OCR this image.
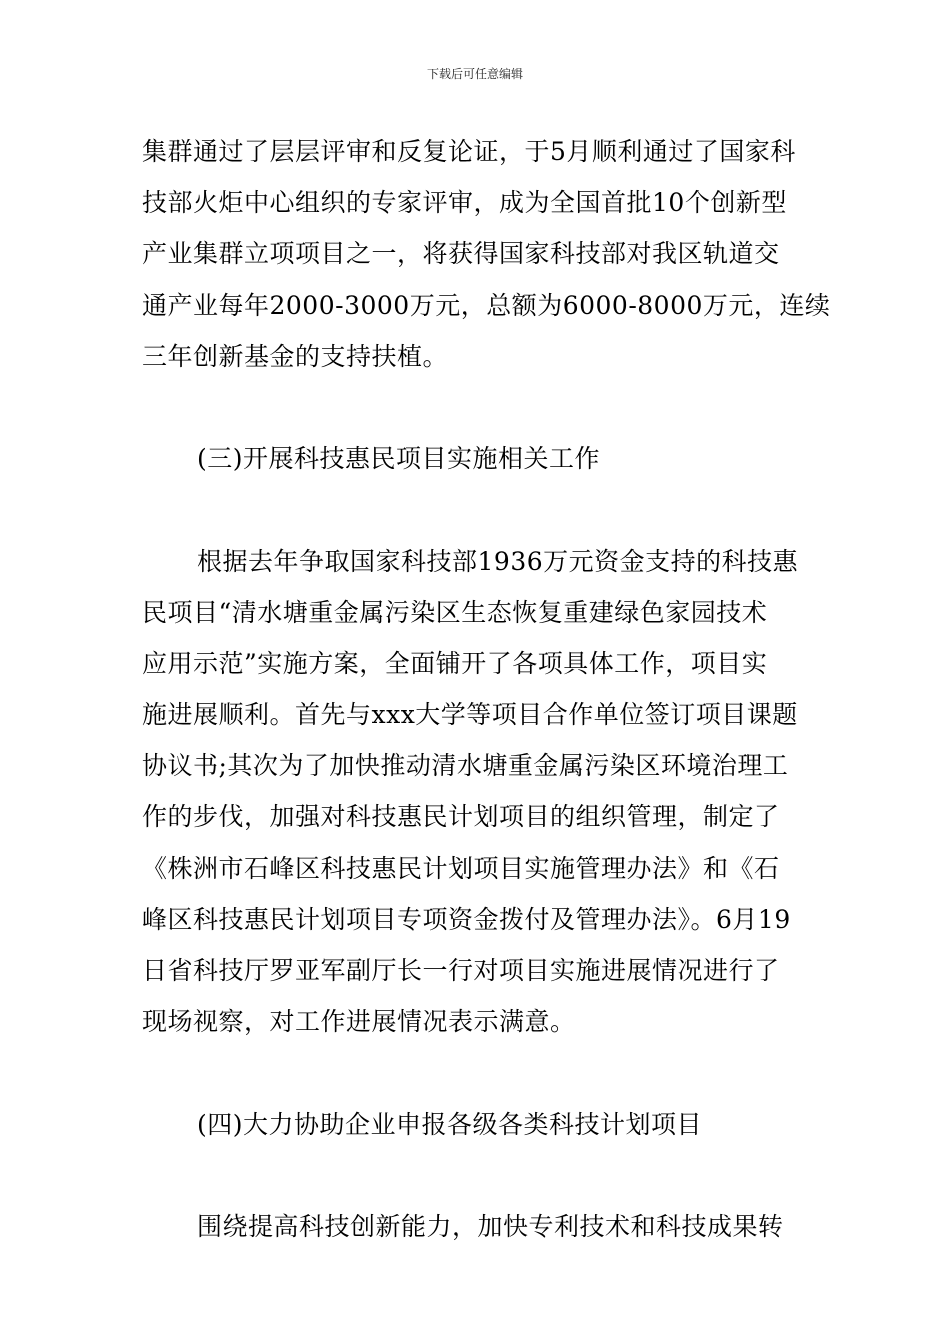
下载后可任意编辑
集群通过了层层评审和反复论证，于5月顺利通过了国家科
技部火炬中心组织的专家评审，成为全国首批10个创新型
产业集群立项项目之一，将获得国家科技部对我区轨道交
通产业每年2000-3000万元，总额为6000-8000万元，连续
三年创新基金的支持扶植。
(三)开展科技惠民项目实施相关工作
根据去年争取国家科技部1936万元资金支持的科技惠
民项目“清水塘重金属污染区生态恢复重建绿色家园技术
应用示范”实施方案，全面铺开了各项具体工作，项目实
施进展顺利。首先与xxx大学等项目合作单位签订项目课题
协议书;其次为了加快推动清水塘重金属污染区环境治理工
作的步伐，加强对科技惠民计划项目的组织管理，制定了
《株洲市石峰区科技惠民计划项目实施管理办法》和《石
峰区科技惠民计划项目专项资金拨付及管理办法》。6月19
日省科技厅罗亚军副厅长一行对项目实施进展情况进行了
现场视察，对工作进展情况表示满意。
(四)大力协助企业申报各级各类科技计划项目
围绕提高科技创新能力，加快专利技术和科技成果转
